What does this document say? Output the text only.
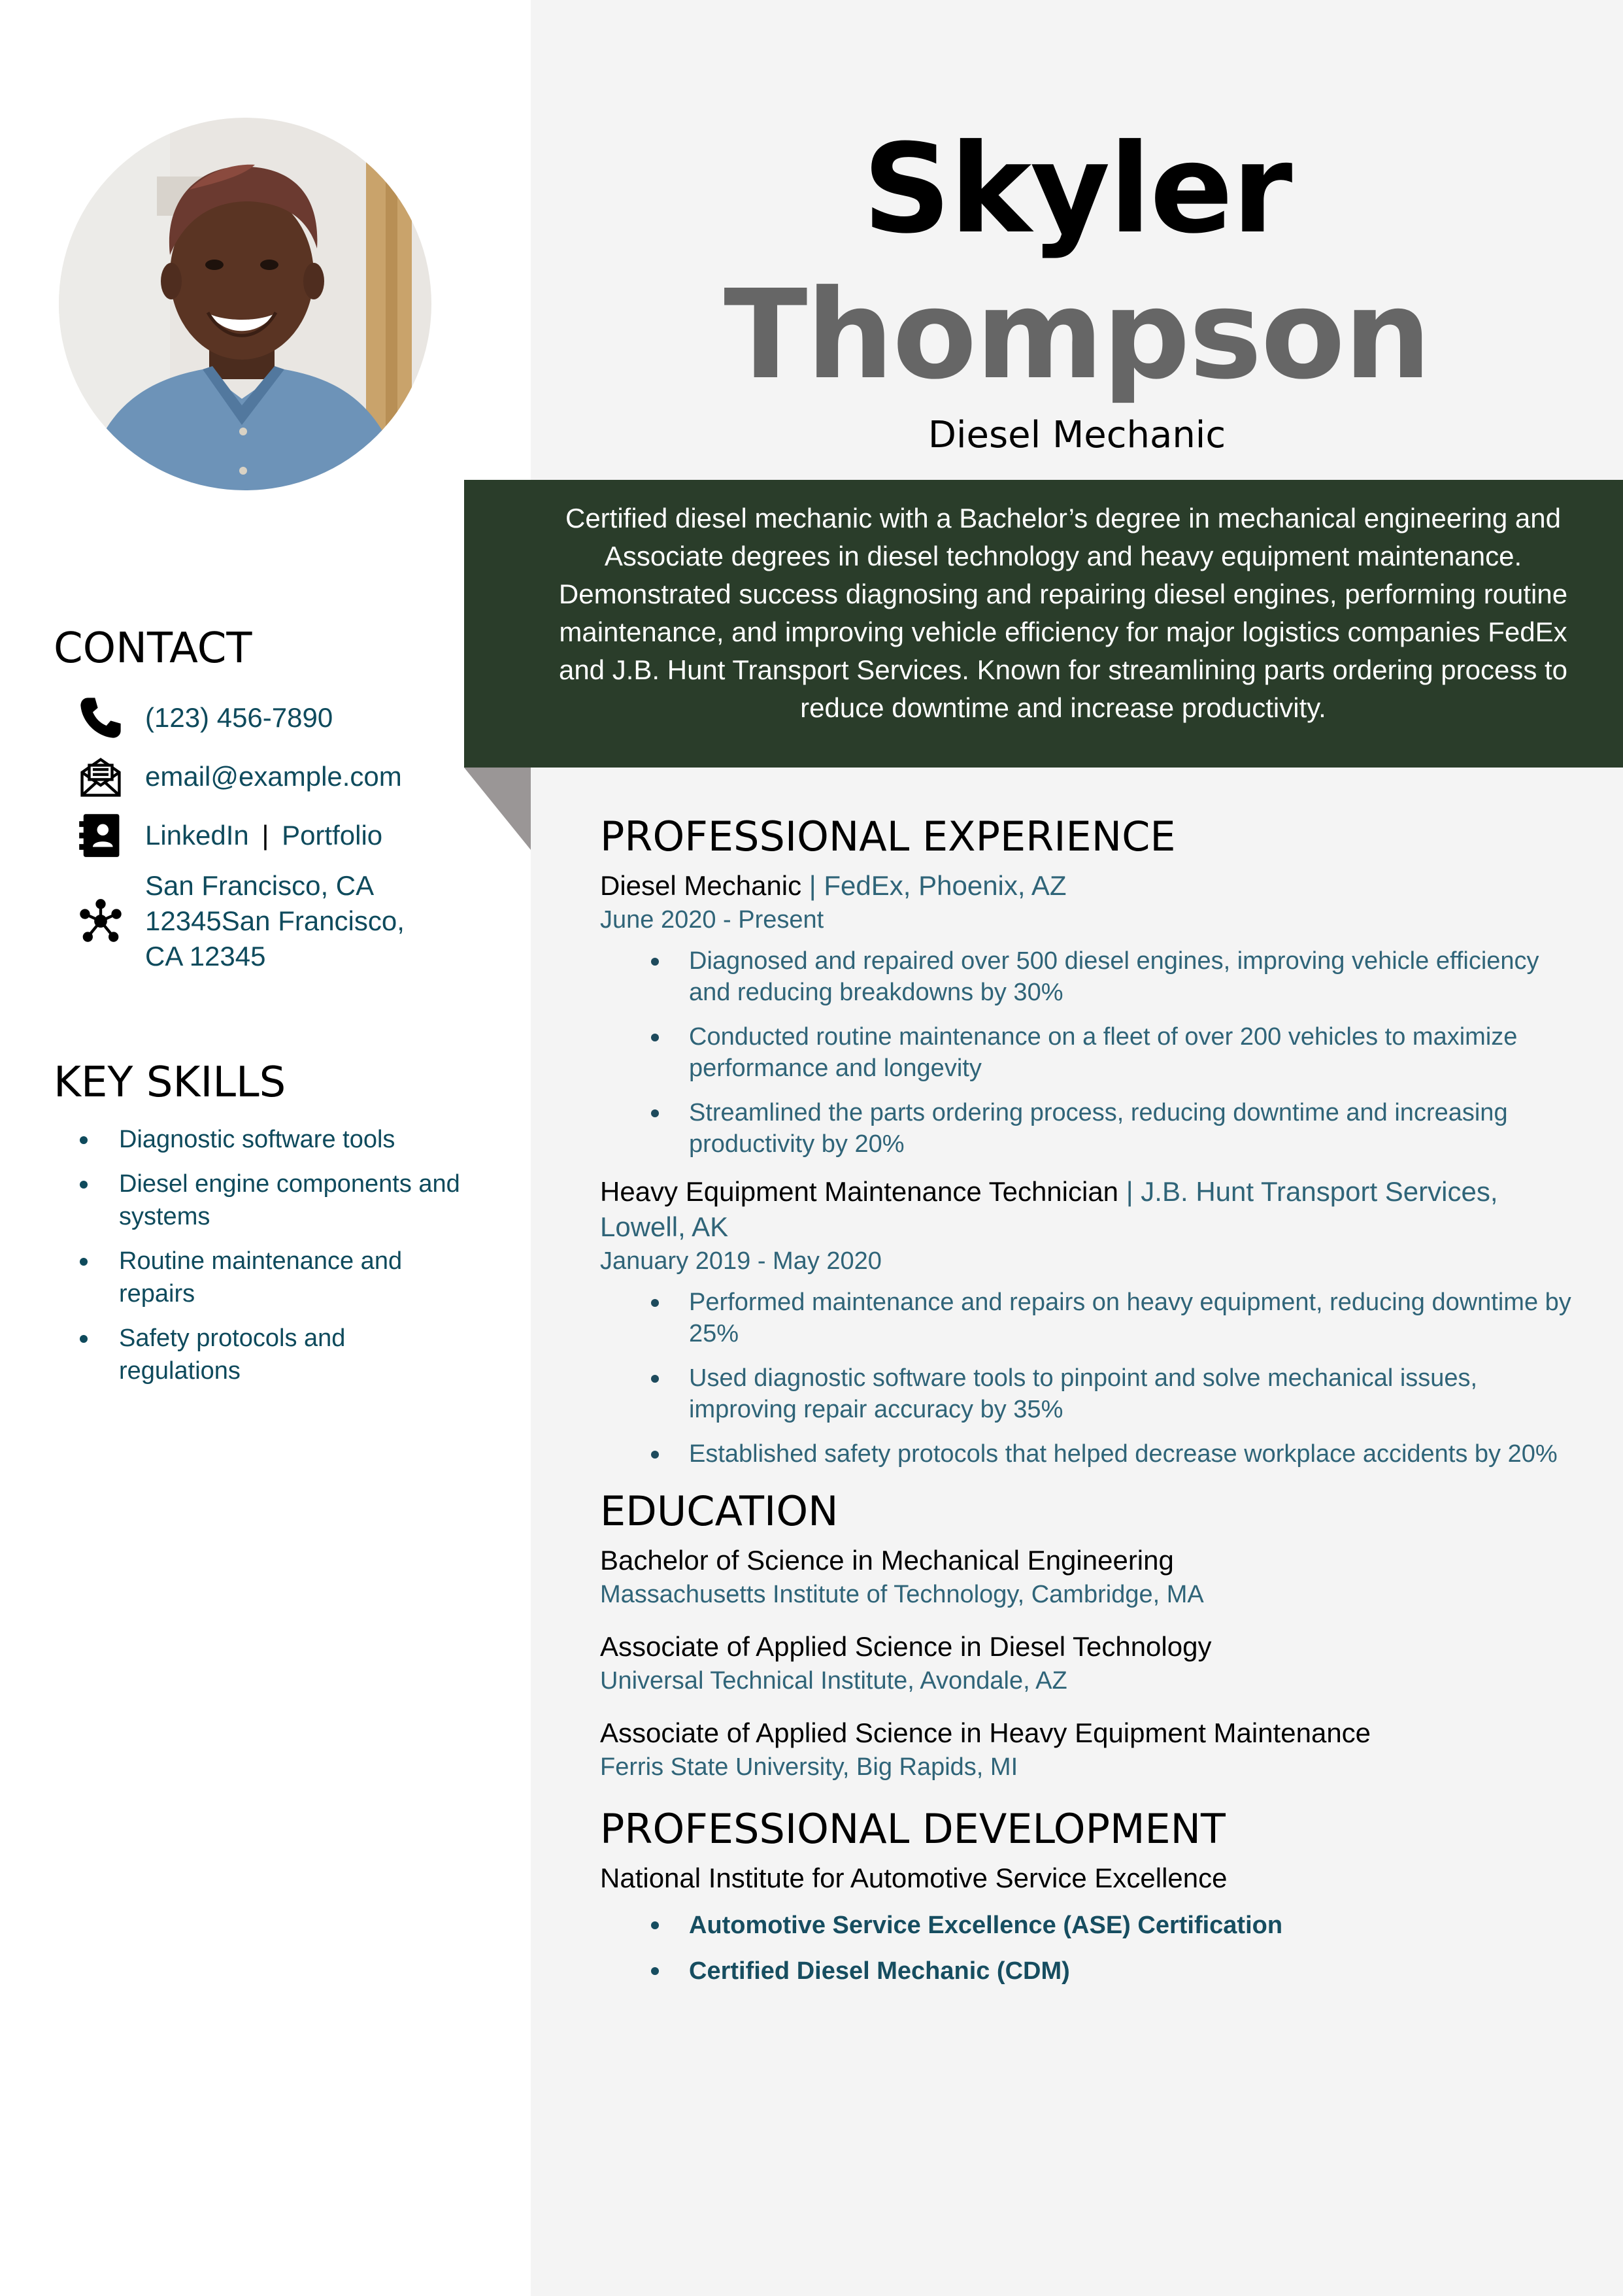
Skyler
Thompson
Diesel Mechanic
Certified diesel mechanic with a Bachelor’s degree in mechanical engineering and Associate degrees in diesel technology and heavy equipment maintenance. Demonstrated success diagnosing and repairing diesel engines, performing routine maintenance, and improving vehicle efficiency for major logistics companies FedEx and J.B. Hunt Transport Services. Known for streamlining parts ordering process to reduce downtime and increase productivity.
CONTACT
(123) 456-7890
email@example.com
LinkedIn | Portfolio
San Francisco, CA
12345San Francisco,
CA 12345
KEY SKILLS
Diagnostic software tools
Diesel engine components and systems
Routine maintenance and repairs
Safety protocols and regulations
PROFESSIONAL EXPERIENCE

Diesel Mechanic | FedEx, Phoenix, AZ

June 2020 - Present

Diagnosed and repaired over 500 diesel engines, improving vehicle efficiency and reducing breakdowns by 30%
Conducted routine maintenance on a fleet of over 200 vehicles to maximize performance and longevity
Streamlined the parts ordering process, reducing downtime and increasing productivity by 20%

Heavy Equipment Maintenance Technician | J.B. Hunt Transport Services, Lowell, AK

January 2019 - May 2020

Performed maintenance and repairs on heavy equipment, reducing downtime by 25%
Used diagnostic software tools to pinpoint and solve mechanical issues, improving repair accuracy by 35%
Established safety protocols that helped decrease workplace accidents by 20%
EDUCATION

Bachelor of Science in Mechanical Engineering

Massachusetts Institute of Technology, Cambridge, MA

Associate of Applied Science in Diesel Technology

Universal Technical Institute, Avondale, AZ

Associate of Applied Science in Heavy Equipment Maintenance

Ferris State University, Big Rapids, MI

PROFESSIONAL DEVELOPMENT

National Institute for Automotive Service Excellence

Automotive Service Excellence (ASE) Certification
Certified Diesel Mechanic (CDM)
